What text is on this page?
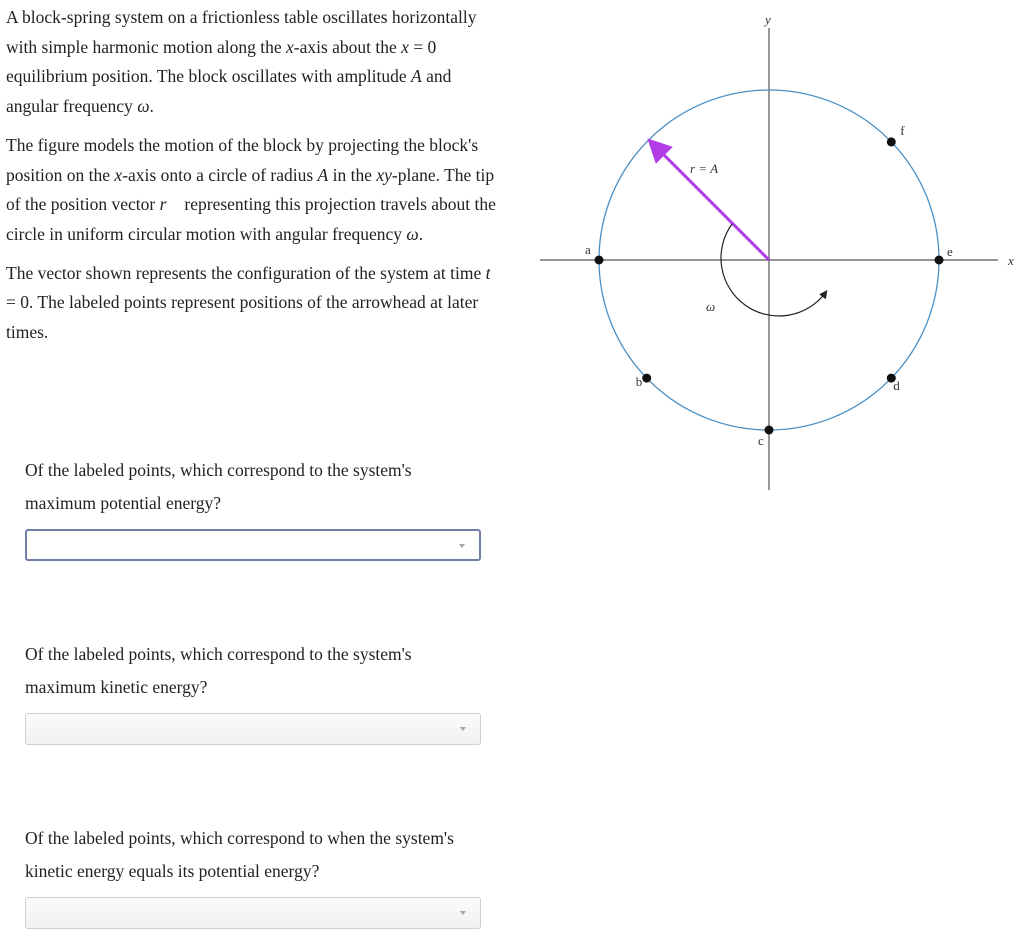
A block-spring system on a frictionless table oscillates horizontally with simple harmonic motion along the x-axis about the x = 0 equilibrium position. The block oscillates with amplitude A and angular frequency ω.

The figure models the motion of the block by projecting the block's position on the x-axis onto a circle of radius A in the xy-plane. The tip of the position vector r⃗ representing this projection travels about the circle in uniform circular motion with angular frequency ω.

The vector shown represents the configuration of the system at time t = 0. The labeled points represent positions of the arrowhead at later times.

Of the labeled points, which correspond to the system's maximum potential energy?

Of the labeled points, which correspond to the system's maximum kinetic energy?

Of the labeled points, which correspond to when the system's kinetic energy equals its potential energy?

x
y
r = A
ω
a
b
c
d
e
f
